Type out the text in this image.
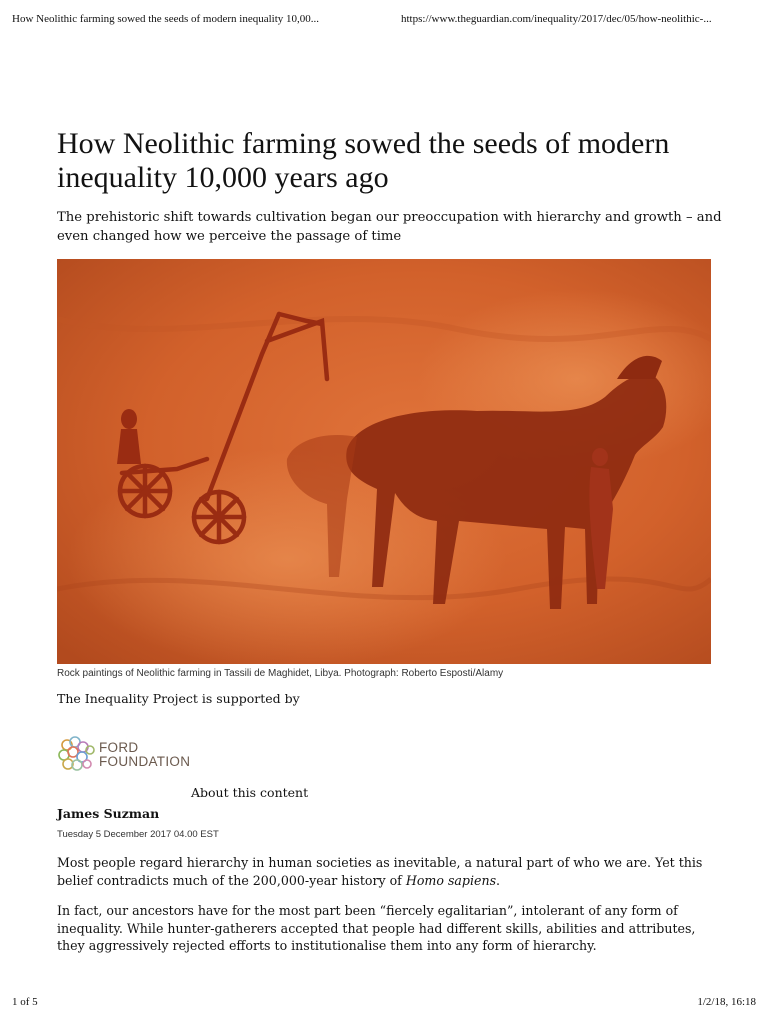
How Neolithic farming sowed the seeds of modern inequality 10,00...	https://www.theguardian.com/inequality/2017/dec/05/how-neolithic-...
How Neolithic farming sowed the seeds of modern inequality 10,000 years ago

The prehistoric shift towards cultivation began our preoccupation with hierarchy and growth – and even changed how we perceive the passage of time

Rock paintings of Neolithic farming in Tassili de Maghidet, Libya. Photograph: Roberto Esposti/Alamy
The Inequality Project is supported by
FORD
FOUNDATION
About this content
James Suzman
Tuesday 5 December 2017 04.00 EST

Most people regard hierarchy in human societies as inevitable, a natural part of who we are. Yet this belief contradicts much of the 200,000-year history of Homo sapiens.

In fact, our ancestors have for the most part been “fiercely egalitarian”, intolerant of any form of inequality. While hunter-gatherers accepted that people had different skills, abilities and attributes, they aggressively rejected efforts to institutionalise them into any form of hierarchy.

1 of 5	1/2/18, 16:18
